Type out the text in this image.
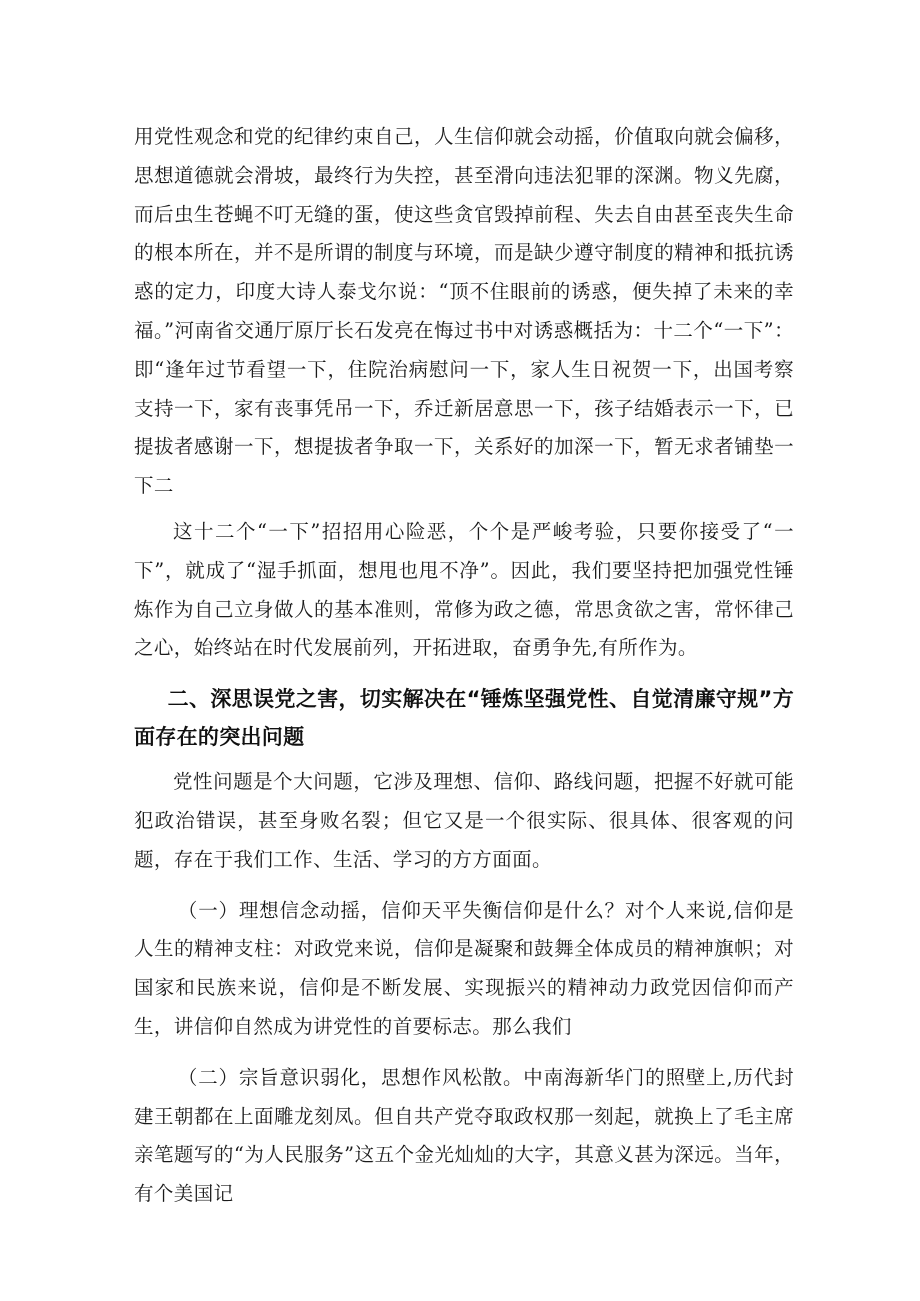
用党性观念和党的纪律约束自己，人生信仰就会动摇，价值取向就会偏移，思想道德就会滑坡，最终行为失控，甚至滑向违法犯罪的深渊。物义先腐，而后虫生苍蝇不叮无缝的蛋，使这些贪官毁掉前程、失去自由甚至丧失生命的根本所在，并不是所谓的制度与环境，而是缺少遵守制度的精神和抵抗诱惑的定力，印度大诗人泰戈尔说：“顶不住眼前的诱惑，便失掉了未来的幸福。”河南省交通厅原厅长石发亮在悔过书中对诱惑概括为：十二个“一下”：即“逢年过节看望一下，住院治病慰问一下，家人生日祝贺一下，出国考察支持一下，家有丧事凭吊一下，乔迁新居意思一下，孩子结婚表示一下，已提拔者感谢一下，想提拔者争取一下，关系好的加深一下，暂无求者铺垫一下二

这十二个“一下”招招用心险恶，个个是严峻考验，只要你接受了“一下”，就成了“湿手抓面，想甩也甩不净”。因此，我们要坚持把加强党性锤炼作为自己立身做人的基本准则，常修为政之德，常思贪欲之害，常怀律己之心，始终站在时代发展前列，开拓进取，奋勇争先,有所作为。

二、深思误党之害，切实解决在“锤炼坚强党性、自觉清廉守规”方面存在的突出问题

党性问题是个大问题，它涉及理想、信仰、路线问题，把握不好就可能犯政治错误，甚至身败名裂；但它又是一个很实际、很具体、很客观的问题，存在于我们工作、生活、学习的方方面面。

（一）理想信念动摇，信仰天平失衡信仰是什么？对个人来说,信仰是人生的精神支柱：对政党来说，信仰是凝聚和鼓舞全体成员的精神旗帜；对国家和民族来说，信仰是不断发展、实现振兴的精神动力政党因信仰而产生，讲信仰自然成为讲党性的首要标志。那么我们

（二）宗旨意识弱化，思想作风松散。中南海新华门的照壁上,历代封建王朝都在上面雕龙刻凤。但自共产党夺取政权那一刻起，就换上了毛主席亲笔题写的“为人民服务”这五个金光灿灿的大字，其意义甚为深远。当年，有个美国记
